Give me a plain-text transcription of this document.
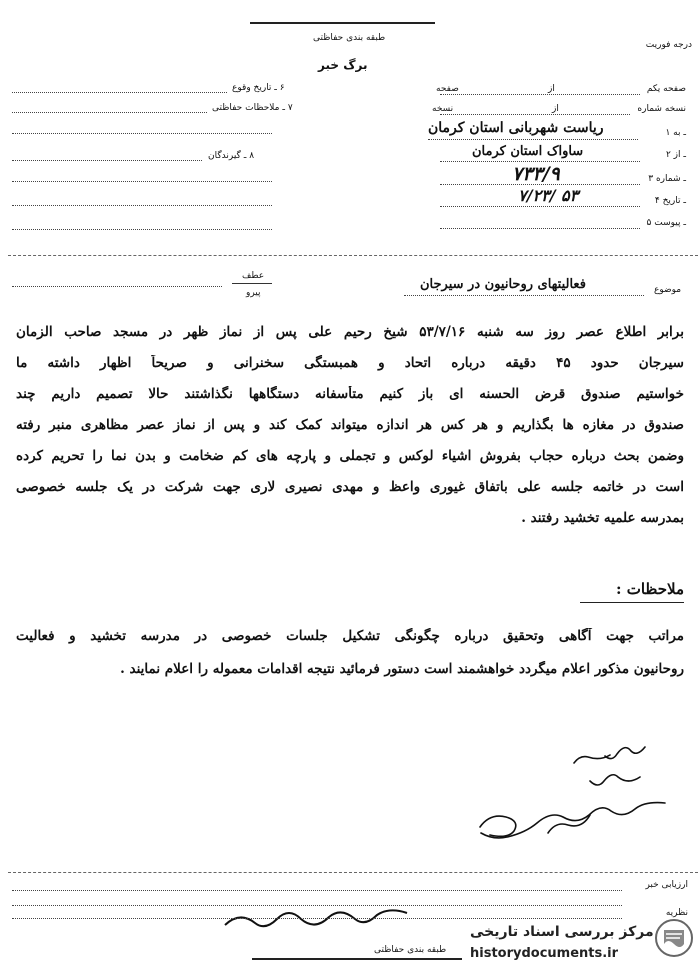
طبقه بندی حفاظتی
درجه فوریت
برگ خبر
۶ ـ تاریخ وقوع
۷ ـ ملاحظات حفاظتی
۸ ـ گیرندگان
صفحه یکم
از
صفحه
نسخه شماره
از
نسخه
۱ ـ به
ریاست شهربانی استان کرمان
۲ ـ از
ساواک استان کرمان
۳ ـ شماره
۷۳۳/۹
۴ ـ تاریخ
۷/۲۳/ ۵۳
۵ ـ پیوست
موضوع
فعالیتهای روحانیون در سیرجان
عطف
پیرو
برابر اطلاع عصر روز سه شنبه ۵۳/۷/۱۶ شیخ رحیم علی پس از نماز ظهر در مسجد صاحب الزمان
سیرجان حدود ۴۵ دقیقه درباره اتحاد و همبستگی سخنرانی و صریحاً اظهار داشته ما
خواستیم صندوق قرض الحسنه ای باز کنیم متأسفانه دستگاهها نگذاشتند حالا تصمیم داریم چند
صندوق در مغازه ها بگذاریم و هر کس هر اندازه میتواند کمک کند و پس از نماز عصر مظاهری منبر رفته
وضمن بحث درباره حجاب بفروش اشیاء لوکس و تجملی و پارچه های کم ضخامت و بدن نما را تحریم کرده
است در خاتمه جلسه علی باتفاق غیوری واعظ و مهدی نصیری لاری جهت شرکت در یک جلسه خصوصی
بمدرسه علمیه تخشید رفتند .
ملاحظات :
مراتب جهت آگاهی وتحقیق درباره چگونگی تشکیل جلسات خصوصی در مدرسه تخشید و فعالیت
روحانیون مذکور اعلام میگردد خواهشمند است دستور فرمائید نتیجه اقدامات معموله را اعلام نمایند .
ارزیابی خبر
نظریه
طبقه بندی حفاظتی
مرکز بررسی اسناد تاریخی
historydocuments.ir
